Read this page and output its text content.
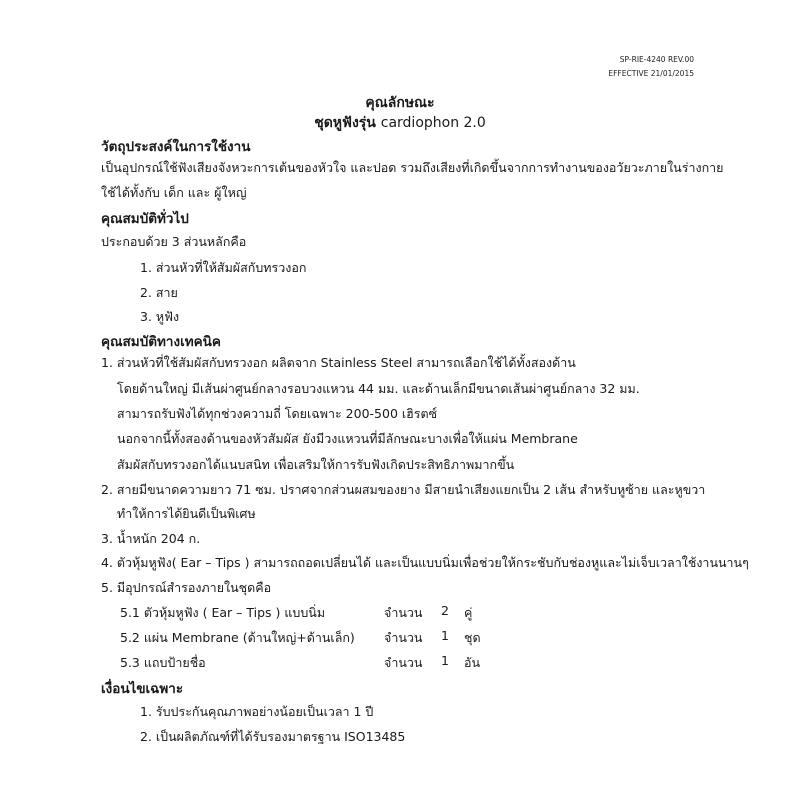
SP-RIE-4240 REV.00
EFFECTIVE 21/01/2015
คุณลักษณะ
ชุดหูฟังรุ่น cardiophon 2.0
วัตถุประสงค์ในการใช้งาน
เป็นอุปกรณ์ใช้ฟังเสียงจังหวะการเต้นของหัวใจ และปอด รวมถึงเสียงที่เกิดขึ้นจากการทำงานของอวัยวะภายในร่างกาย
ใช้ได้ทั้งกับ เด็ก และ ผู้ใหญ่
คุณสมบัติทั่วไป
ประกอบด้วย 3 ส่วนหลักคือ
1. ส่วนหัวที่ให้สัมผัสกับทรวงอก
2. สาย
3. หูฟัง
คุณสมบัติทางเทคนิค
1. ส่วนหัวที่ใช้สัมผัสกับทรวงอก ผลิตจาก Stainless Steel สามารถเลือกใช้ได้ทั้งสองด้าน
โดยด้านใหญ่ มีเส้นผ่าศูนย์กลางรอบวงแหวน 44 มม. และด้านเล็กมีขนาดเส้นผ่าศูนย์กลาง 32 มม.
สามารถรับฟังได้ทุกช่วงความถี่ โดยเฉพาะ 200-500 เฮิรตซ์
นอกจากนี้ทั้งสองด้านของหัวสัมผัส ยังมีวงแหวนที่มีลักษณะบางเพื่อให้แผ่น Membrane
สัมผัสกับทรวงอกได้แนบสนิท เพื่อเสริมให้การรับฟังเกิดประสิทธิภาพมากขึ้น
2. สายมีขนาดความยาว 71 ซม. ปราศจากส่วนผสมของยาง มีสายนำเสียงแยกเป็น 2 เส้น สำหรับหูซ้าย และหูขวา
ทำให้การได้ยินดีเป็นพิเศษ
3. น้ำหนัก 204 ก.
4. ตัวหุ้มหูฟัง( Ear – Tips ) สามารถถอดเปลี่ยนได้ และเป็นแบบนิ่มเพื่อช่วยให้กระชับกับช่องหูและไม่เจ็บเวลาใช้งานนานๆ
5. มีอุปกรณ์สำรองภายในชุดคือ
5.1 ตัวหุ้มหูฟัง ( Ear – Tips ) แบบนิ่ม	จำนวน 2 คู่
5.2 แผ่น Membrane (ด้านใหญ่+ด้านเล็ก) จำนวน 1 ชุด
5.3 แถบป้ายชื่อ	จำนวน 1 อัน
เงื่อนไขเฉพาะ
1. รับประกันคุณภาพอย่างน้อยเป็นเวลา 1 ปี
2. เป็นผลิตภัณฑ์ที่ได้รับรองมาตรฐาน ISO13485
